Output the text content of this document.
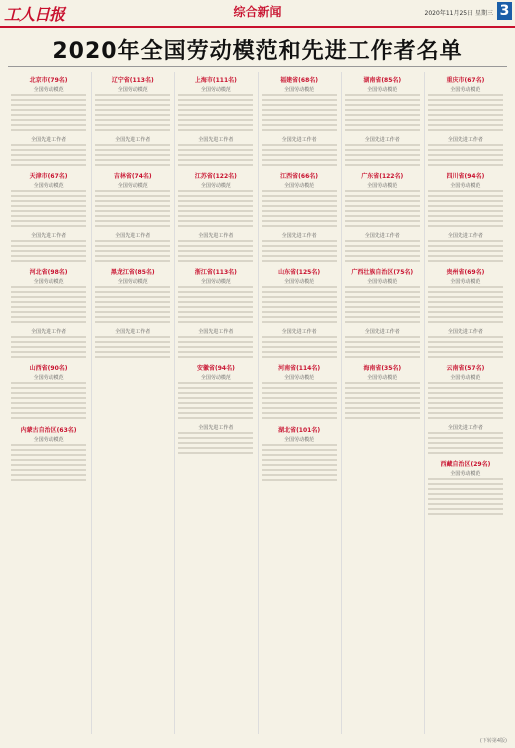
工人日报	综合新闻	2020年11月25日 星期三 3
2020年全国劳动模范和先进工作者名单
北京市(79名)
全国劳动模范
全国先进工作者
天津市(67名)
全国劳动模范
全国先进工作者
河北省(98名)
全国劳动模范
全国先进工作者
山西省(90名)
全国劳动模范
内蒙古自治区(63名)
全国劳动模范
辽宁省(113名)
全国劳动模范
全国先进工作者
吉林省(74名)
全国劳动模范
全国先进工作者
黑龙江省(85名)
全国劳动模范
全国先进工作者
上海市(111名)
全国劳动模范
全国先进工作者
江苏省(122名)
全国劳动模范
全国先进工作者
浙江省(113名)
全国劳动模范
全国先进工作者
安徽省(94名)
全国劳动模范
全国先进工作者
福建省(68名)
全国劳动模范
全国先进工作者
江西省(66名)
全国劳动模范
全国先进工作者
山东省(125名)
全国劳动模范
全国先进工作者
河南省(114名)
全国劳动模范
湖北省(101名)
全国劳动模范
湖南省(85名)
全国劳动模范
全国先进工作者
广东省(122名)
全国劳动模范
全国先进工作者
广西壮族自治区(75名)
全国劳动模范
全国先进工作者
海南省(35名)
全国劳动模范
重庆市(67名)
全国劳动模范
全国先进工作者
四川省(94名)
全国劳动模范
全国先进工作者
贵州省(69名)
全国劳动模范
全国先进工作者
云南省(57名)
全国劳动模范
全国先进工作者
西藏自治区(29名)
全国劳动模范
(下转第4版)
